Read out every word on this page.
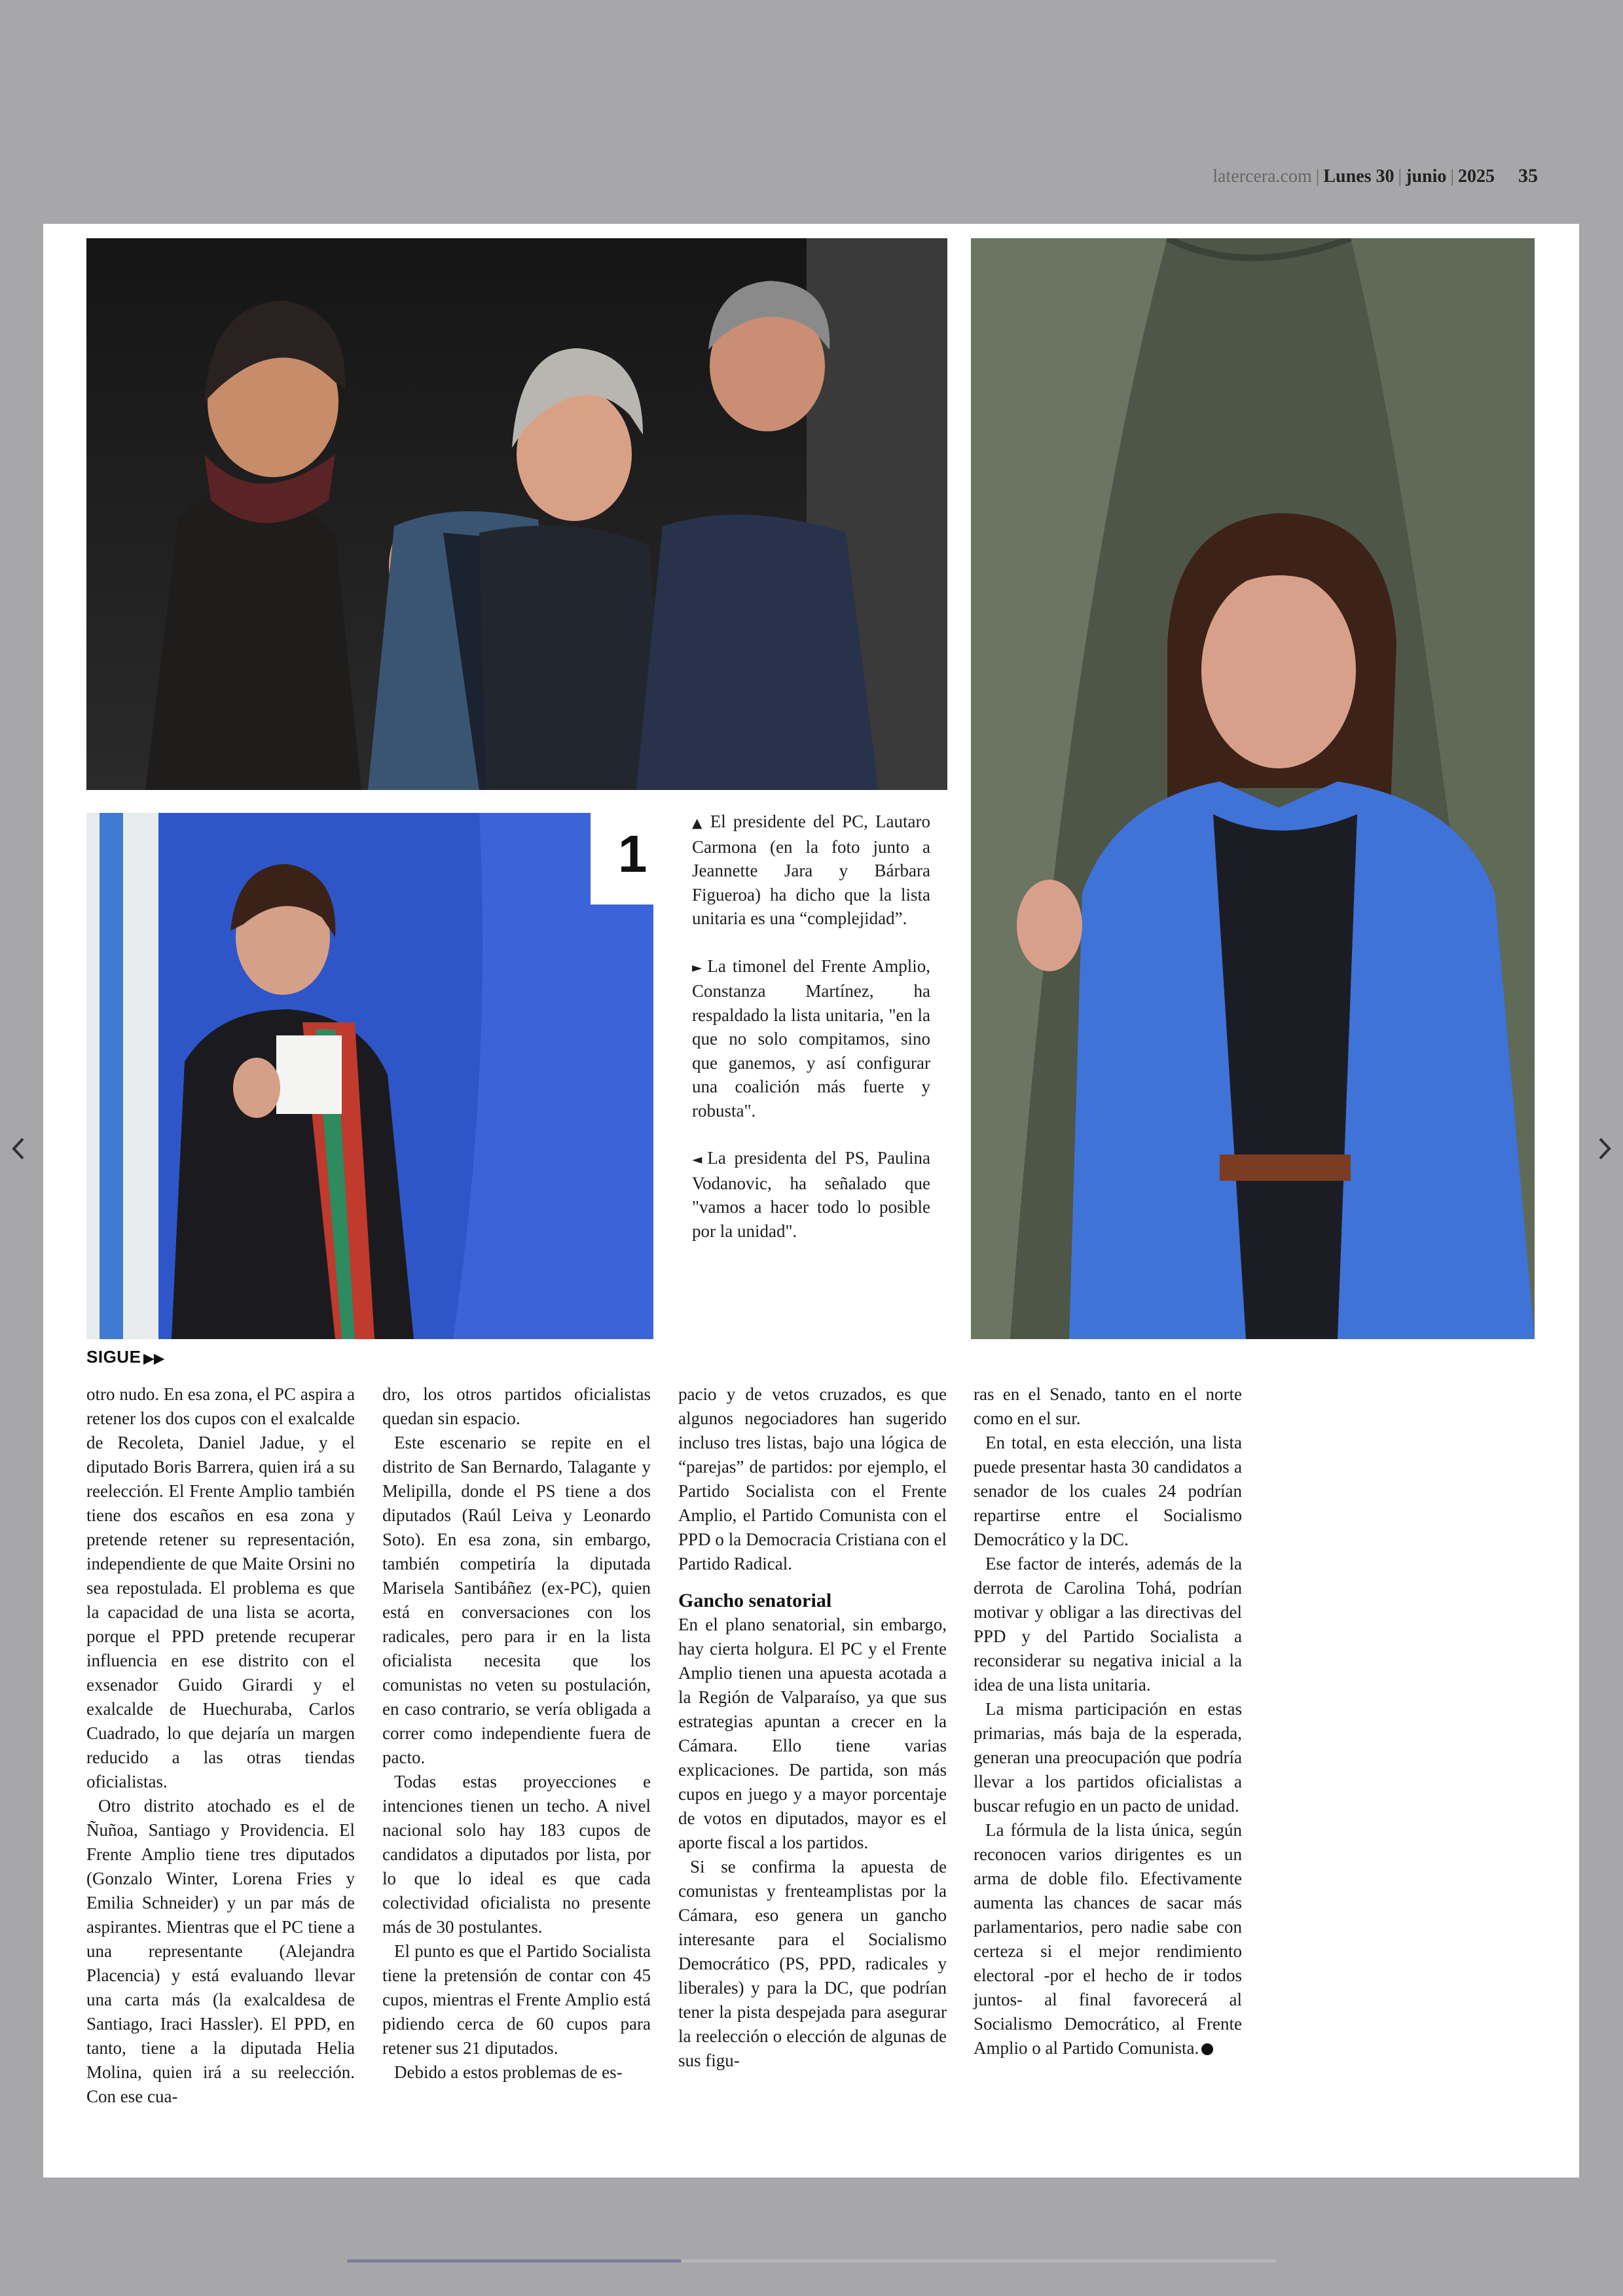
latercera.com | Lunes 30 | junio | 2025 35
1

▲ El presidente del PC, Lautaro Carmona (en la foto junto a Jeannette Jara y Bárbara Figueroa) ha dicho que la lista unitaria es una “complejidad”.

► La timonel del Frente Amplio, Constanza Martínez, ha respaldado la lista unitaria, "en la que no solo compitamos, sino que ganemos, y así configurar una coalición más fuerte y robusta".

◄ La presidenta del PS, Paulina Vodanovic, ha señalado que "vamos a hacer todo lo posible por la unidad".

SIGUE ▶▶

otro nudo. En esa zona, el PC aspira a retener los dos cupos con el exalcalde de Recoleta, Daniel Jadue, y el diputado Boris Barrera, quien irá a su reelección. El Frente Amplio también tiene dos escaños en esa zona y pretende retener su representación, independiente de que Maite Orsini no sea repostulada. El problema es que la capacidad de una lista se acorta, porque el PPD pretende recuperar influencia en ese distrito con el exsenador Guido Girardi y el exalcalde de Huechuraba, Carlos Cuadrado, lo que dejaría un margen reducido a las otras tiendas oficialistas.

Otro distrito atochado es el de Ñuñoa, Santiago y Providencia. El Frente Amplio tiene tres diputados (Gonzalo Winter, Lorena Fries y Emilia Schneider) y un par más de aspirantes. Mientras que el PC tiene a una representante (Alejandra Placencia) y está evaluando llevar una carta más (la exalcaldesa de Santiago, Iraci Hassler). El PPD, en tanto, tiene a la diputada Helia Molina, quien irá a su reelección. Con ese cua-

dro, los otros partidos oficialistas quedan sin espacio.

Este escenario se repite en el distrito de San Bernardo, Talagante y Melipilla, donde el PS tiene a dos diputados (Raúl Leiva y Leonardo Soto). En esa zona, sin embargo, también competiría la diputada Marisela Santibáñez (ex-PC), quien está en conversaciones con los radicales, pero para ir en la lista oficialista necesita que los comunistas no veten su postulación, en caso contrario, se vería obligada a correr como independiente fuera de pacto.

Todas estas proyecciones e intenciones tienen un techo. A nivel nacional solo hay 183 cupos de candidatos a diputados por lista, por lo que lo ideal es que cada colectividad oficialista no presente más de 30 postulantes.

El punto es que el Partido Socialista tiene la pretensión de contar con 45 cupos, mientras el Frente Amplio está pidiendo cerca de 60 cupos para retener sus 21 diputados.

Debido a estos problemas de es-

pacio y de vetos cruzados, es que algunos negociadores han sugerido incluso tres listas, bajo una lógica de “parejas” de partidos: por ejemplo, el Partido Socialista con el Frente Amplio, el Partido Comunista con el PPD o la Democracia Cristiana con el Partido Radical.

Gancho senatorial

En el plano senatorial, sin embargo, hay cierta holgura. El PC y el Frente Amplio tienen una apuesta acotada a la Región de Valparaíso, ya que sus estrategias apuntan a crecer en la Cámara. Ello tiene varias explicaciones. De partida, son más cupos en juego y a mayor porcentaje de votos en diputados, mayor es el aporte fiscal a los partidos.

Si se confirma la apuesta de comunistas y frenteamplistas por la Cámara, eso genera un gancho interesante para el Socialismo Democrático (PS, PPD, radicales y liberales) y para la DC, que podrían tener la pista despejada para asegurar la reelección o elección de algunas de sus figu-

ras en el Senado, tanto en el norte como en el sur.

En total, en esta elección, una lista puede presentar hasta 30 candidatos a senador de los cuales 24 podrían repartirse entre el Socialismo Democrático y la DC.

Ese factor de interés, además de la derrota de Carolina Tohá, podrían motivar y obligar a las directivas del PPD y del Partido Socialista a reconsiderar su negativa inicial a la idea de una lista unitaria.

La misma participación en estas primarias, más baja de la esperada, generan una preocupación que podría llevar a los partidos oficialistas a buscar refugio en un pacto de unidad.

La fórmula de la lista única, según reconocen varios dirigentes es un arma de doble filo. Efectivamente aumenta las chances de sacar más parlamentarios, pero nadie sabe con certeza si el mejor rendimiento electoral -por el hecho de ir todos juntos- al final favorecerá al Socialismo Democrático, al Frente Amplio o al Partido Comunista.
